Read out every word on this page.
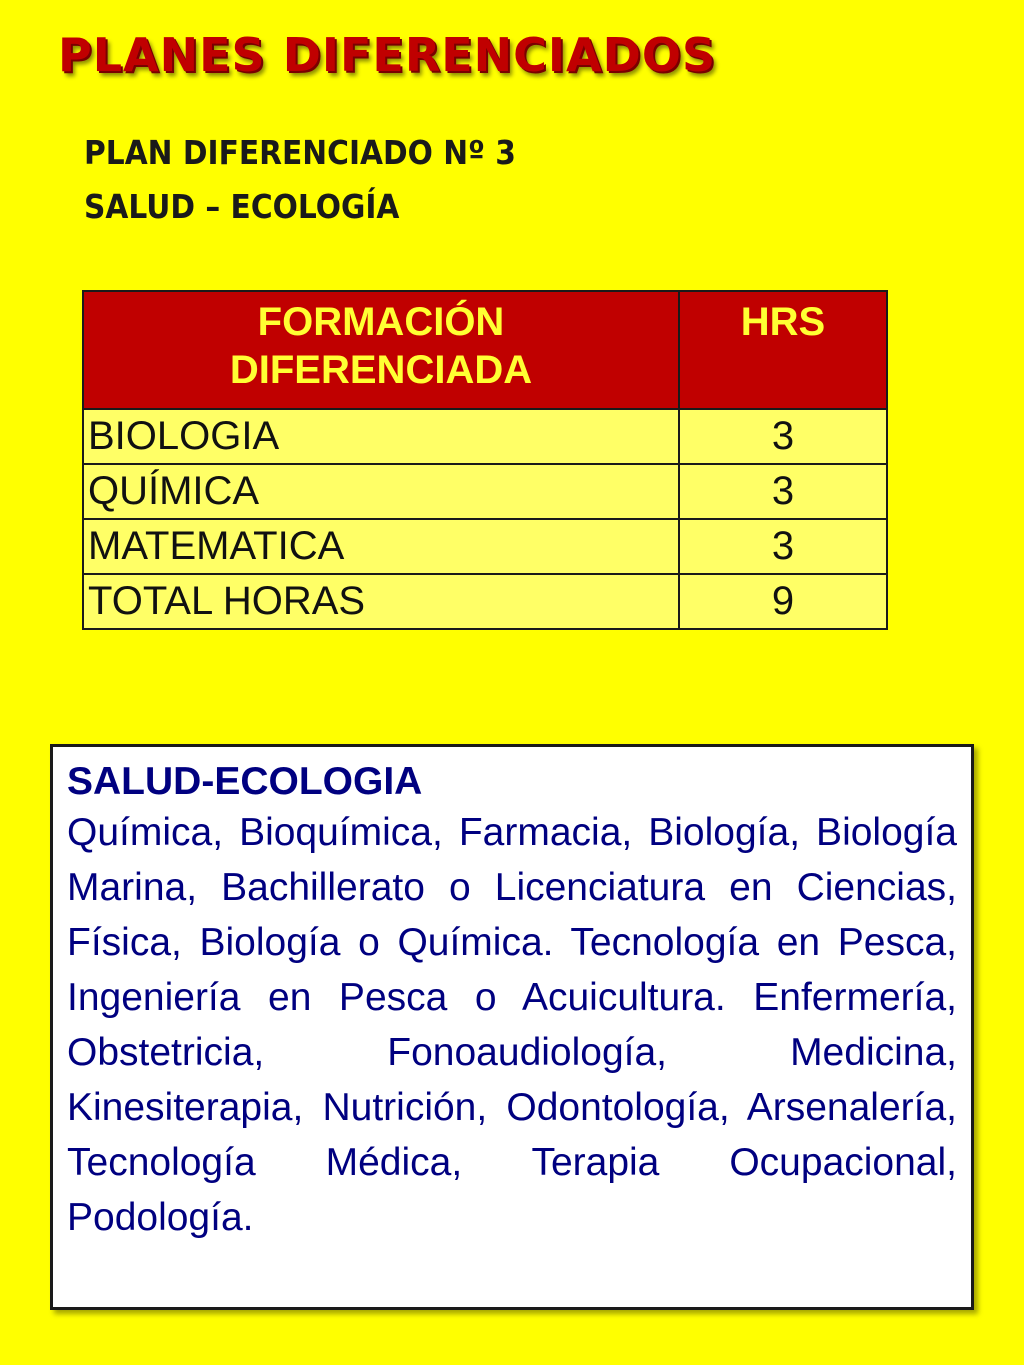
PLANES DIFERENCIADOS

PLAN DIFERENCIADO Nº 3

SALUD – ECOLOGÍA

FORMACIÓN DIFERENCIADA	HRS
BIOLOGIA	3
QUÍMICA	3
MATEMATICA	3
TOTAL HORAS	9

SALUD-ECOLOGIA

Química, Bioquímica, Farmacia, Biología, Biología Marina, Bachillerato o Licenciatura en Ciencias, Física, Biología o Química. Tecnología en Pesca, Ingeniería en Pesca o Acuicultura. Enfermería, Obstetricia, Fonoaudiología, Medicina, Kinesiterapia, Nutrición, Odontología, Arsenalería, Tecnología Médica, Terapia Ocupacional, Podología.
